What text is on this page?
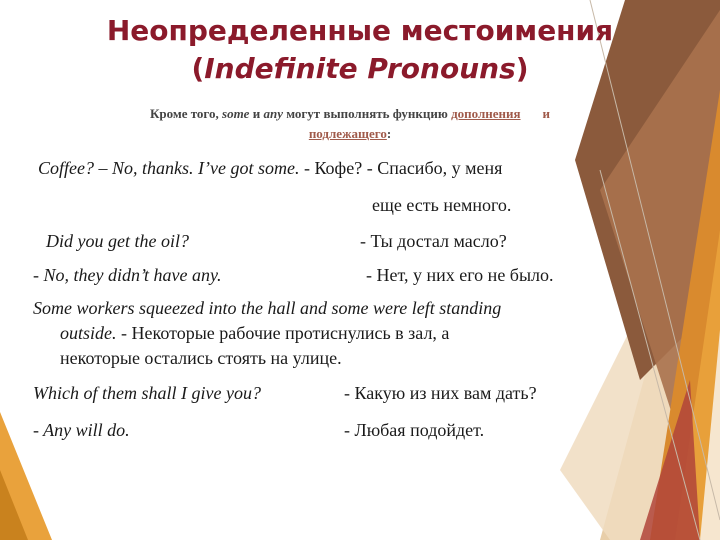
Неопределенные местоимения
(Indefinite Pronouns)
Кроме того, some и any могут выполнять функцию дополнения и
подлежащего:
Coffee? – No, thanks. I’ve got some. - Кофе? - Спасибо, у меня
еще есть немного.
Did you get the oil?	- Ты достал масло?
- No, they didn’t have any.	- Нет, у них его не было.
Some workers squeezed into the hall and some were left standing
outside. - Некоторые рабочие протиснулись в зал, а
некоторые остались стоять на улице.
Which of them shall I give you?	- Какую из них вам дать?
- Any will do.	- Любая подойдет.
